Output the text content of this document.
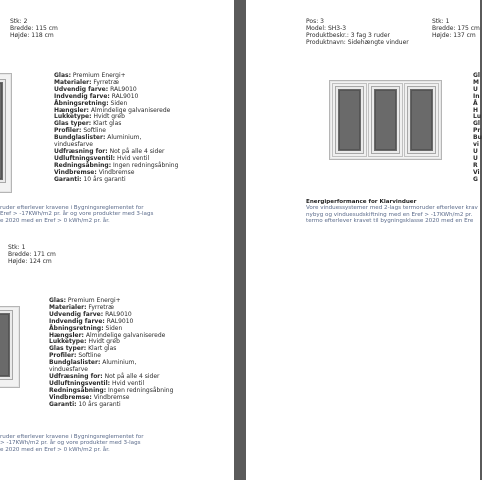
Stk: 2
Bredde: 115 cm
Højde: 118 cm
Glas: Premium Energi+
Materialer: Fyrretræ
Udvendig farve: RAL9010
Indvendig farve: RAL9010
Åbningsretning: Siden
Hængsler: Almindelige galvaniserede
Lukketype: Hvidt greb
Glas typer: Klart glas
Profiler: Softline
Bundglaslister: Aluminium,
vinduesfarve
Udfræsning for: Not på alle 4 sider
Udluftningsventil: Hvid ventil
Redningsåbning: Ingen redningsåbning
Vindbremse: Vindbremse
Garanti: 10 års garanti
ruder efterlever kravene i Bygningsreglementet for
Eref > -17KWh/m2 pr. år og vore produkter med 3-lags
e 2020 med en Eref > 0 kWh/m2 pr. år.
Stk: 1
Bredde: 171 cm
Højde: 124 cm
Glas: Premium Energi+
Materialer: Fyrretræ
Udvendig farve: RAL9010
Indvendig farve: RAL9010
Åbningsretning: Siden
Hængsler: Almindelige galvaniserede
Lukketype: Hvidt greb
Glas typer: Klart glas
Profiler: Softline
Bundglaslister: Aluminium,
vinduesfarve
Udfræsning for: Not på alle 4 sider
Udluftningsventil: Hvid ventil
Redningsåbning: Ingen redningsåbning
Vindbremse: Vindbremse
Garanti: 10 års garanti
ruder efterlever kravene i Bygningsreglementet for
> -17KWh/m2 pr. år og vore produkter med 3-lags
e 2020 med en Eref > 0 kWh/m2 pr. år.
Pos: 3
Model: SH3-3
Produktbeskr.: 3 fag 3 ruder
Produktnavn: Sidehængte vinduer
Stk: 1
Bredde: 175 cm
Højde: 137 cm
Gl
M
U
In
Å
H
Lu
Gl
Pr
Bu
vi
U
U
R
Vi
G
Energiperformance for Klarvinduer
Vore vinduessystemer med 2-lags termoruder efterlever krav
nybyg og vinduesudskiftning med en Eref > -17KWh/m2 pr.
termo efterlever kravet til bygningsklasse 2020 med en Ere
